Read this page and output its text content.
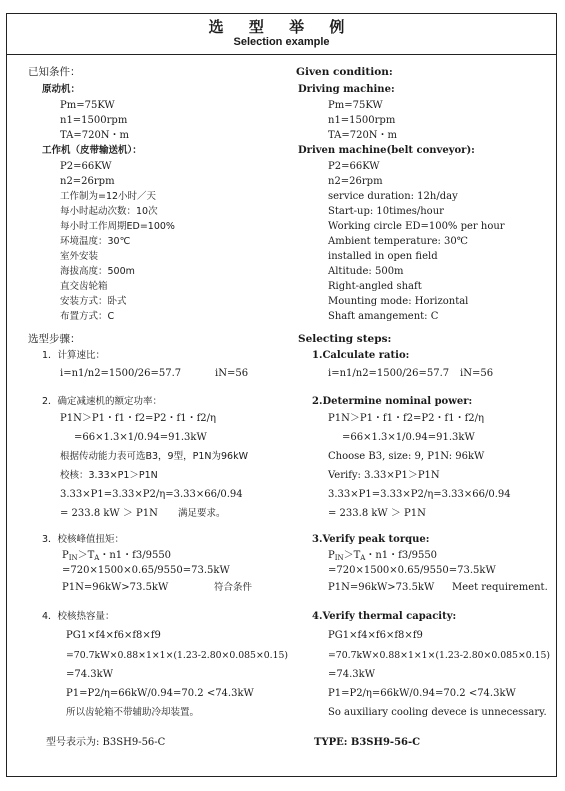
选 型 举 例
Selection example
已知条件：
原动机：
Pm=75KW
n1=1500rpm
TA=720N・m
工作机（皮带输送机）：
P2=66KW
n2=26rpm
工作制为=12小时／天
每小时起动次数：10次
每小时工作周期ED=100%
环境温度：30℃
室外安装
海拔高度：500m
直交齿轮箱
安装方式：卧式
布置方式：C
选型步骤：
1．计算速比：
i=n1/n2=1500/26=57.7	iN=56
2．确定减速机的额定功率：
P1N＞P1・f1・f2=P2・f1・f2/η
=66×1.3×1/0.94=91.3kW
根据传动能力表可选B3，9型，P1N为96kW
校核：3.33×P1＞P1N
3.33×P1=3.33×P2/η=3.33×66/0.94
= 233.8 kW ＞ P1N 满足要求。
3．校核峰值扭矩：
$P_{IN}>T_A$・n1・f3/9550
=720×1500×0.65/9550=73.5kW
P1N=96kW>73.5kW	符合条件
4．校核热容量：
PG1×f4×f6×f8×f9
=70.7kW×0.88×1×1×(1.23-2.80×0.085×0.15)
=74.3kW
P1=P2/η=66kW/0.94=70.2 <74.3kW
所以齿轮箱不带辅助冷却装置。
型号表示为: B3SH9-56-C
Given condition:
Driving machine:
Pm=75KW
n1=1500rpm
TA=720N・m
Driven machine(belt conveyor):
P2=66KW
n2=26rpm
service duration: 12h/day
Start-up: 10times/hour
Working circle ED=100% per hour
Ambient temperature: 30℃
installed in open field
Altitude: 500m
Right-angled shaft
Mounting mode: Horizontal
Shaft amangement: C
Selecting steps:
1.Calculate ratio:
i=n1/n2=1500/26=57.7 iN=56
2.Determine nominal power:
P1N＞P1・f1・f2=P2・f1・f2/η
=66×1.3×1/0.94=91.3kW
Choose B3, size: 9, P1N: 96kW
Verify: 3.33×P1＞P1N
3.33×P1=3.33×P2/η=3.33×66/0.94
= 233.8 kW ＞ P1N
3.Verify peak torque:
$P_{IN}>T_A$・n1・f3/9550
=720×1500×0.65/9550=73.5kW
P1N=96kW>73.5kW Meet requirement.
4.Verify thermal capacity:
PG1×f4×f6×f8×f9
=70.7kW×0.88×1×1×(1.23-2.80×0.085×0.15)
=74.3kW
P1=P2/η=66kW/0.94=70.2 <74.3kW
So auxiliary cooling devece is unnecessary.
TYPE: B3SH9-56-C
